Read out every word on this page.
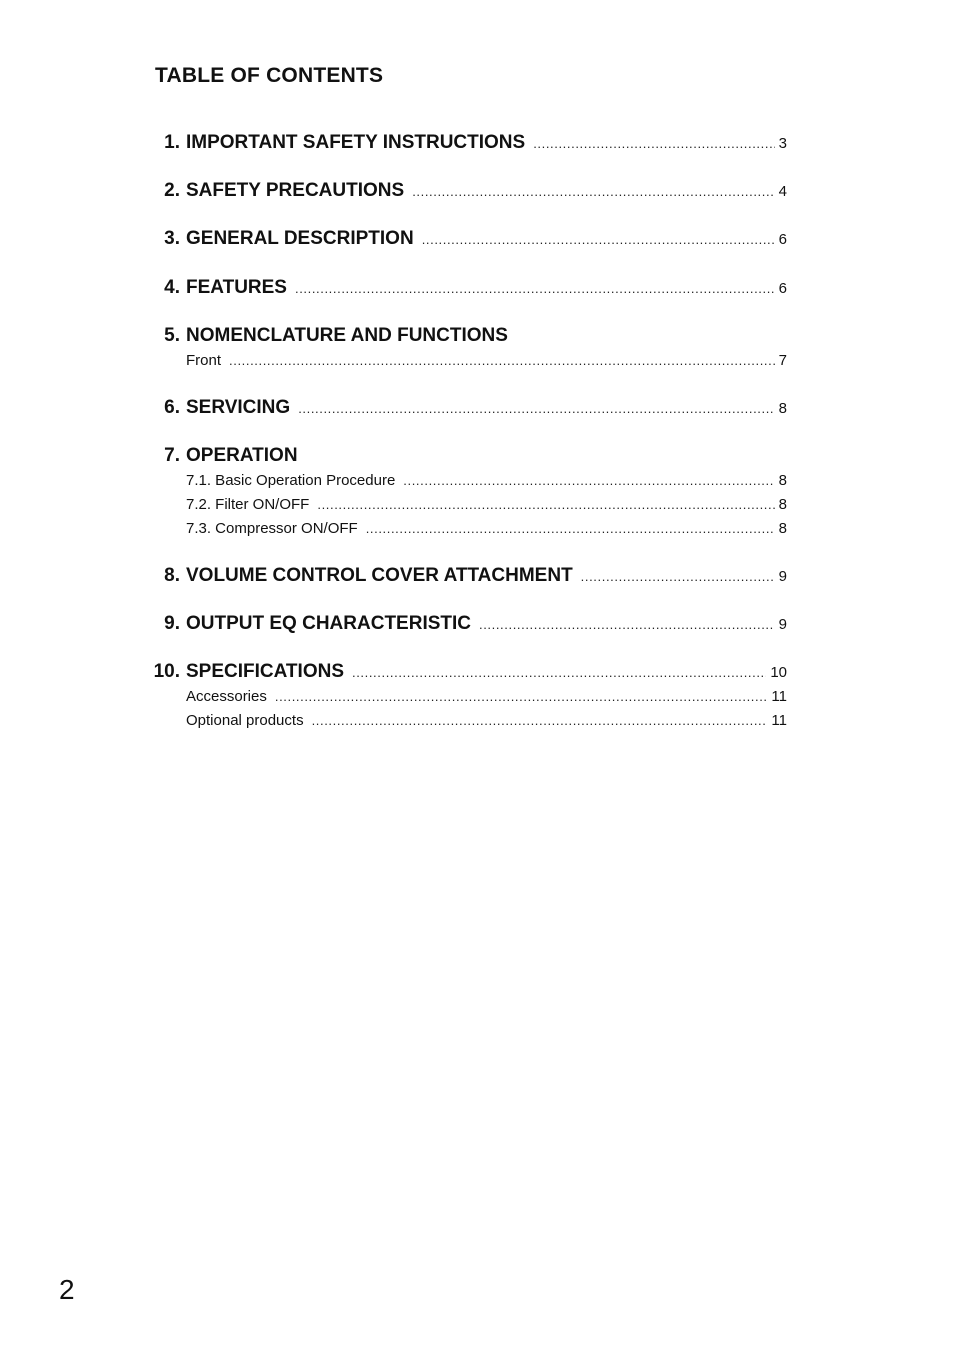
TABLE OF CONTENTS
1. IMPORTANT SAFETY INSTRUCTIONS .....	3
2. SAFETY PRECAUTIONS .....	4
3. GENERAL DESCRIPTION .....	6
4. FEATURES .....	6
5. NOMENCLATURE AND FUNCTIONS
Front .....	7
6. SERVICING .....	8
7. OPERATION
7.1. Basic Operation Procedure .....	8
7.2. Filter ON/OFF .....	8
7.3. Compressor ON/OFF .....	8
8. VOLUME CONTROL COVER ATTACHMENT .....	9
9. OUTPUT EQ CHARACTERISTIC .....	9
10. SPECIFICATIONS .....	10
Accessories .....	11
Optional products .....	11

2
